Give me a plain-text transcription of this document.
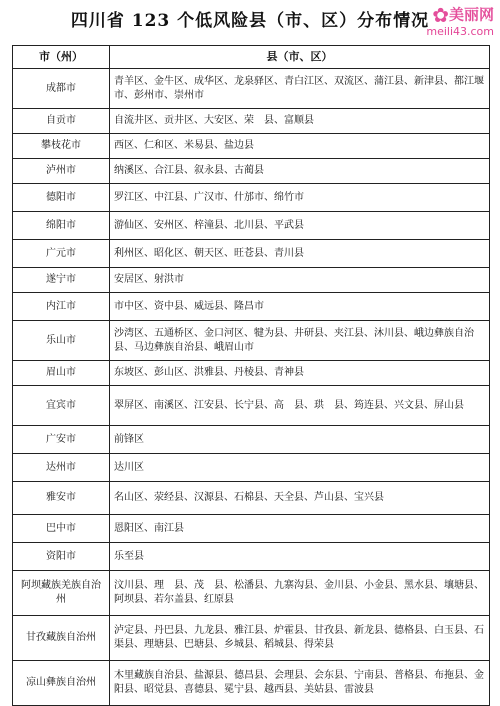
四川省 123 个低风险县（市、区）分布情况 ✿美丽网
meili43.com
市（州）	县（市、区）
成都市	青羊区、金牛区、成华区、龙泉驿区、青白江区、双流区、蒲江县、新津县、都江堰市、彭州市、崇州市
自贡市	自流井区、贡井区、大安区、荣　县、富顺县
攀枝花市	西区、仁和区、米易县、盐边县
泸州市	纳溪区、合江县、叙永县、古蔺县
德阳市	罗江区、中江县、广汉市、什邡市、绵竹市
绵阳市	游仙区、安州区、梓潼县、北川县、平武县
广元市	利州区、昭化区、朝天区、旺苍县、青川县
遂宁市	安居区、射洪市
内江市	市中区、资中县、威远县、隆昌市
乐山市	沙湾区、五通桥区、金口河区、犍为县、井研县、夹江县、沐川县、峨边彝族自治县、马边彝族自治县、峨眉山市
眉山市	东坡区、彭山区、洪雅县、丹棱县、青神县
宜宾市	翠屏区、南溪区、江安县、长宁县、高　县、珙　县、筠连县、兴文县、屏山县
广安市	前锋区
达州市	达川区
雅安市	名山区、荥经县、汉源县、石棉县、天全县、芦山县、宝兴县
巴中市	恩阳区、南江县
资阳市	乐至县
阿坝藏族羌族自治州	汶川县、理　县、茂　县、松潘县、九寨沟县、金川县、小金县、黑水县、壤塘县、阿坝县、若尔盖县、红原县
甘孜藏族自治州	泸定县、丹巴县、九龙县、雅江县、炉霍县、甘孜县、新龙县、德格县、白玉县、石渠县、理塘县、巴塘县、乡城县、稻城县、得荣县
凉山彝族自治州	木里藏族自治县、盐源县、德昌县、会理县、会东县、宁南县、普格县、布拖县、金阳县、昭觉县、喜德县、冕宁县、越西县、美姑县、雷波县
